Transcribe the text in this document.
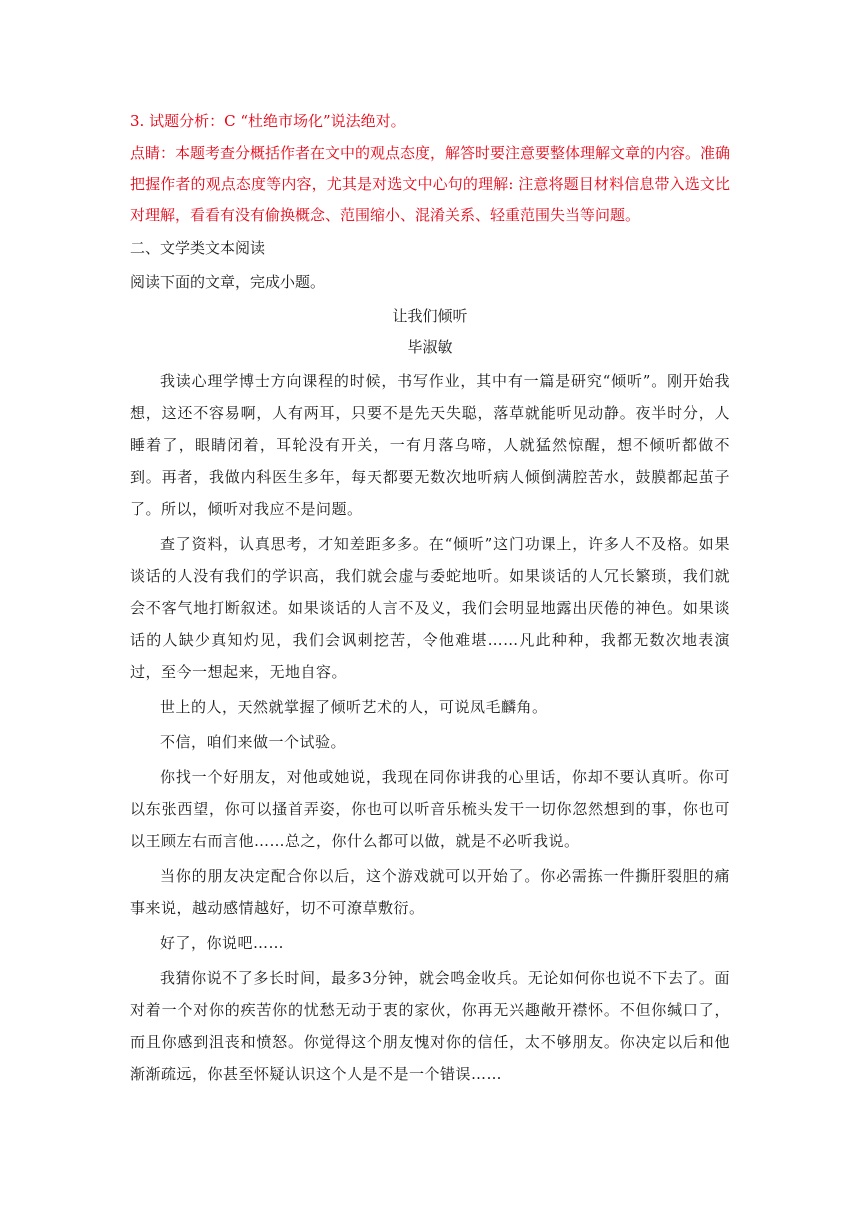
3. 试题分析：C “杜绝市场化”说法绝对。

点睛：本题考查分概括作者在文中的观点态度，解答时要注意要整体理解文章的内容。准确把握作者的观点态度等内容，尤其是对选文中心句的理解: 注意将题目材料信息带入选文比对理解，看看有没有偷换概念、范围缩小、混淆关系、轻重范围失当等问题。

二、文学类文本阅读
阅读下面的文章，完成小题。

让我们倾听

毕淑敏

我读心理学博士方向课程的时候，书写作业，其中有一篇是研究“倾听”。刚开始我想，这还不容易啊，人有两耳，只要不是先天失聪，落草就能听见动静。夜半时分，人睡着了，眼睛闭着，耳轮没有开关，一有月落乌啼，人就猛然惊醒，想不倾听都做不到。再者，我做内科医生多年，每天都要无数次地听病人倾倒满腔苦水，鼓膜都起茧子了。所以，倾听对我应不是问题。

查了资料，认真思考，才知差距多多。在“倾听”这门功课上，许多人不及格。如果谈话的人没有我们的学识高，我们就会虚与委蛇地听。如果谈话的人冗长繁琐，我们就会不客气地打断叙述。如果谈话的人言不及义，我们会明显地露出厌倦的神色。如果谈话的人缺少真知灼见，我们会讽刺挖苦，令他难堪……凡此种种，我都无数次地表演过，至今一想起来，无地自容。

世上的人，天然就掌握了倾听艺术的人，可说凤毛麟角。

不信，咱们来做一个试验。

你找一个好朋友，对他或她说，我现在同你讲我的心里话，你却不要认真听。你可以东张西望，你可以搔首弄姿，你也可以听音乐梳头发干一切你忽然想到的事，你也可以王顾左右而言他……总之，你什么都可以做，就是不必听我说。

当你的朋友决定配合你以后，这个游戏就可以开始了。你必需拣一件撕肝裂胆的痛事来说，越动感情越好，切不可潦草敷衍。

好了，你说吧……

我猜你说不了多长时间，最多3分钟，就会鸣金收兵。无论如何你也说不下去了。面对着一个对你的疾苦你的忧愁无动于衷的家伙，你再无兴趣敞开襟怀。不但你缄口了，而且你感到沮丧和愤怒。你觉得这个朋友愧对你的信任，太不够朋友。你决定以后和他渐渐疏远，你甚至怀疑认识这个人是不是一个错误……
